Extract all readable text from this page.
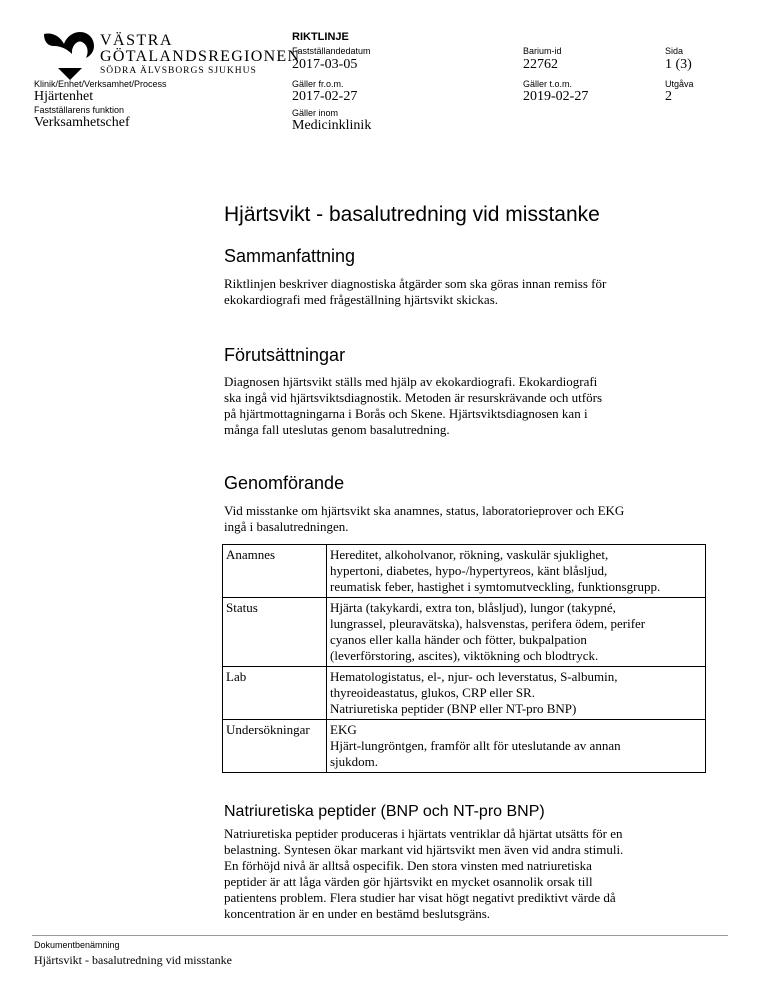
VÄSTRA
GÖTALANDSREGIONEN
SÖDRA ÄLVSBORGS SJUKHUS
Klinik/Enhet/Verksamhet/Process
Hjärtenhet
Fastställarens funktion
Verksamhetschef
RIKTLINJE
Fastställandedatum
2017-03-05
Gäller fr.o.m.
2017-02-27
Gäller inom
Medicinklinik
Barium-id
22762
Gäller t.o.m.
2019-02-27
Sida
1 (3)
Utgåva
2
Hjärtsvikt - basalutredning vid misstanke
Sammanfattning

Riktlinjen beskriver diagnostiska åtgärder som ska göras innan remiss för
ekokardiografi med frågeställning hjärtsvikt skickas.

Förutsättningar

Diagnosen hjärtsvikt ställs med hjälp av ekokardiografi. Ekokardiografi
ska ingå vid hjärtsviktsdiagnostik. Metoden är resurskrävande och utförs
på hjärtmottagningarna i Borås och Skene. Hjärtsviktsdiagnosen kan i
många fall uteslutas genom basalutredning.

Genomförande

Vid misstanke om hjärtsvikt ska anamnes, status, laboratorieprover och EKG
ingå i basalutredningen.

Anamnes	Hereditet, alkoholvanor, rökning, vaskulär sjuklighet,
hypertoni, diabetes, hypo-/hypertyreos, känt blåsljud,
reumatisk feber, hastighet i symtomutveckling, funktionsgrupp.

Status	Hjärta (takykardi, extra ton, blåsljud), lungor (takypné,
lungrassel, pleuravätska), halsvenstas, perifera ödem, perifer
cyanos eller kalla händer och fötter, bukpalpation
(leverförstoring, ascites), viktökning och blodtryck.

Lab	Hematologistatus, el-, njur- och leverstatus, S-albumin,
thyreoideastatus, glukos, CRP eller SR.
Natriuretiska peptider (BNP eller NT-pro BNP)

Undersökningar	EKG
Hjärt-lungröntgen, framför allt för uteslutande av annan
sjukdom.
Natriuretiska peptider (BNP och NT-pro BNP)

Natriuretiska peptider produceras i hjärtats ventriklar då hjärtat utsätts för en
belastning. Syntesen ökar markant vid hjärtsvikt men även vid andra stimuli.
En förhöjd nivå är alltså ospecifik. Den stora vinsten med natriuretiska
peptider är att låga värden gör hjärtsvikt en mycket osannolik orsak till
patientens problem. Flera studier har visat högt negativt prediktivt värde då
koncentration är en under en bestämd beslutsgräns.

Dokumentbenämning
Hjärtsvikt - basalutredning vid misstanke
